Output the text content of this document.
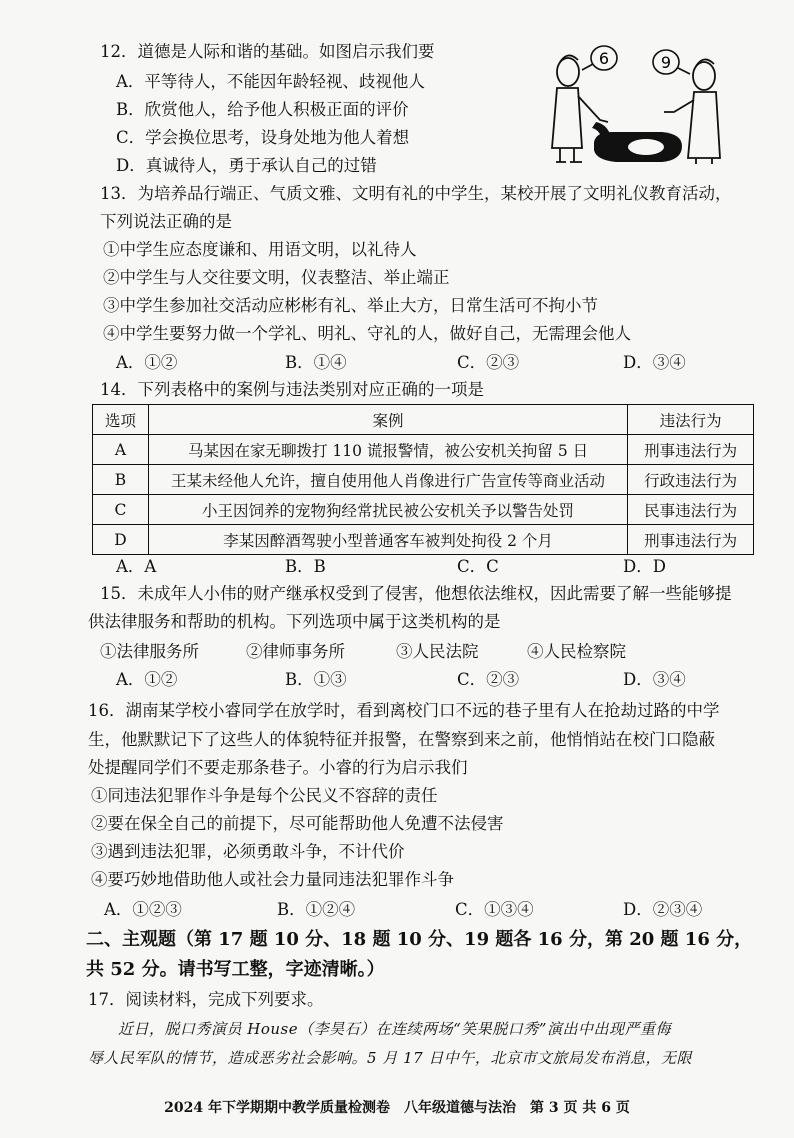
12．道德是人际和谐的基础。如图启示我们要
A．平等待人，不能因年龄轻视、歧视他人
B．欣赏他人，给予他人积极正面的评价
C．学会换位思考，设身处地为他人着想
D．真诚待人，勇于承认自己的过错
6	9
13．为培养品行端正、气质文雅、文明有礼的中学生，某校开展了文明礼仪教育活动，
下列说法正确的是
①中学生应态度谦和、用语文明，以礼待人
②中学生与人交往要文明，仪表整洁、举止端正
③中学生参加社交活动应彬彬有礼、举止大方，日常生活可不拘小节
④中学生要努力做一个学礼、明礼、守礼的人，做好自己，无需理会他人
A．①②	B．①④	C．②③	D．③④
14．下列表格中的案例与违法类别对应正确的一项是
选项	案例	违法行为
A	马某因在家无聊拨打 110 谎报警情，被公安机关拘留 5 日	刑事违法行为
B	王某未经他人允许，擅自使用他人肖像进行广告宣传等商业活动	行政违法行为
C	小王因饲养的宠物狗经常扰民被公安机关予以警告处罚	民事违法行为
D	李某因醉酒驾驶小型普通客车被判处拘役 2 个月	刑事违法行为
A．A	B．B	C．C	D．D
15．未成年人小伟的财产继承权受到了侵害，他想依法维权，因此需要了解一些能够提
供法律服务和帮助的机构。下列选项中属于这类机构的是
①法律服务所	②律师事务所	③人民法院	④人民检察院
A．①②	B．①③	C．②③	D．③④
16．湖南某学校小睿同学在放学时，看到离校门口不远的巷子里有人在抢劫过路的中学
生，他默默记下了这些人的体貌特征并报警，在警察到来之前，他悄悄站在校门口隐蔽
处提醒同学们不要走那条巷子。小睿的行为启示我们
①同违法犯罪作斗争是每个公民义不容辞的责任
②要在保全自己的前提下，尽可能帮助他人免遭不法侵害
③遇到违法犯罪，必须勇敢斗争，不计代价
④要巧妙地借助他人或社会力量同违法犯罪作斗争
A．①②③	B．①②④	C．①③④	D．②③④
二、主观题（第 17 题 10 分、18 题 10 分、19 题各 16 分，第 20 题 16 分，
共 52 分。请书写工整，字迹清晰。）
17．阅读材料，完成下列要求。
近日，脱口秀演员 House（李昊石）在连续两场“笑果脱口秀”演出中出现严重侮
辱人民军队的情节，造成恶劣社会影响。5 月 17 日中午，北京市文旅局发布消息，无限
2024 年下学期期中教学质量检测卷　八年级道德与法治　第 3 页 共 6 页
